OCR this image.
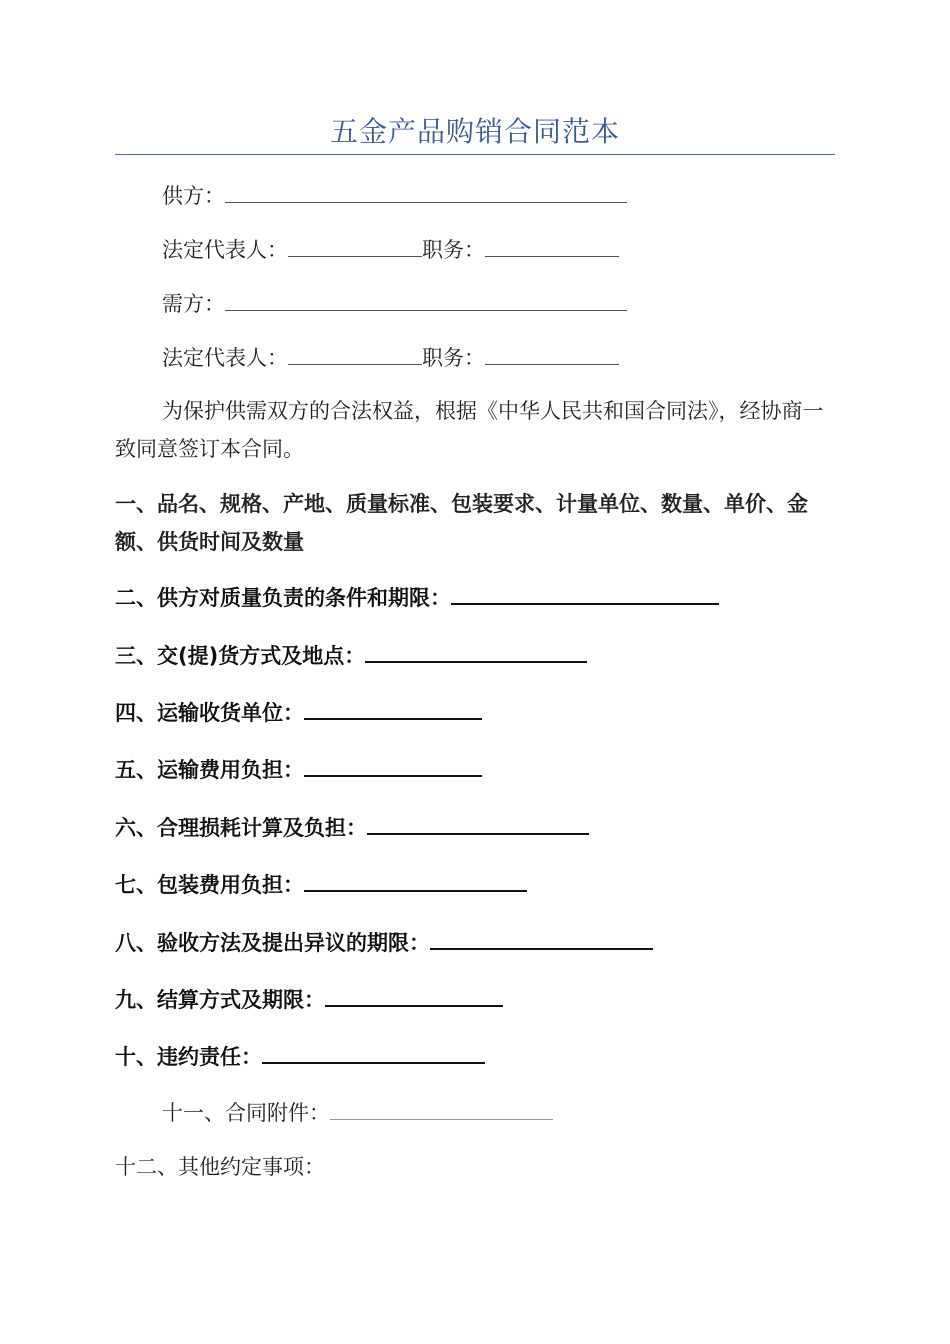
五金产品购销合同范本
供方：
法定代表人：	职务：
需方：
法定代表人：	职务：
为保护供需双方的合法权益，根据《中华人民共和国合同法》，经协商一致同意签订本合同。
一、品名、规格、产地、质量标准、包装要求、计量单位、数量、单价、金额、供货时间及数量
二、供方对质量负责的条件和期限：
三、交(提)货方式及地点：
四、运输收货单位：
五、运输费用负担：
六、合理损耗计算及负担：
七、包装费用负担：
八、验收方法及提出异议的期限：
九、结算方式及期限：
十、违约责任：
十一、合同附件：
十二、其他约定事项：
